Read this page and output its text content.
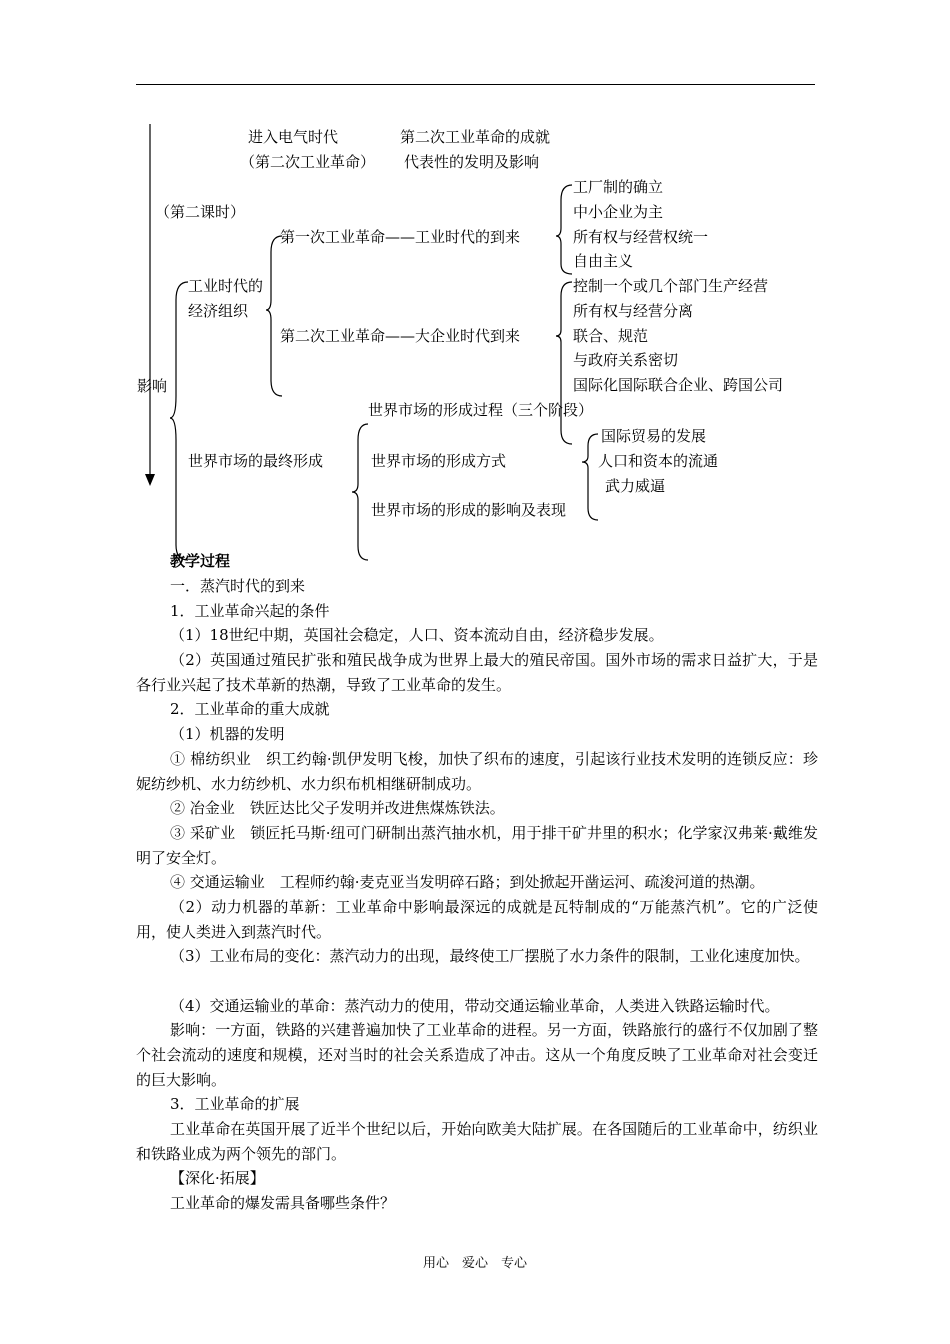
进入电气时代
（第二次工业革命）
第二次工业革命的成就
代表性的发明及影响
（第二课时）
影响
工业时代的
经济组织
第一次工业革命——工业时代的到来
第二次工业革命——大企业时代到来
工厂制的确立
中小企业为主
所有权与经营权统一
自由主义
控制一个或几个部门生产经营
所有权与经营分离
联合、规范
与政府关系密切
国际化国际联合企业、跨国公司
世界市场的最终形成
世界市场的形成过程（三个阶段）
世界市场的形成方式
世界市场的形成的影响及表现
国际贸易的发展
人口和资本的流通
武力威逼
教学过程
一．蒸汽时代的到来
1．工业革命兴起的条件
（1）18世纪中期，英国社会稳定，人口、资本流动自由，经济稳步发展。
（2）英国通过殖民扩张和殖民战争成为世界上最大的殖民帝国。国外市场的需求日益扩大，于是各行业兴起了技术革新的热潮，导致了工业革命的发生。
2．工业革命的重大成就
（1）机器的发明
① 棉纺织业　织工约翰·凯伊发明飞梭，加快了织布的速度，引起该行业技术发明的连锁反应：珍妮纺纱机、水力纺纱机、水力织布机相继研制成功。
② 冶金业　铁匠达比父子发明并改进焦煤炼铁法。
③ 采矿业　锁匠托马斯·纽可门研制出蒸汽抽水机，用于排干矿井里的积水；化学家汉弗莱·戴维发明了安全灯。
④ 交通运输业　工程师约翰·麦克亚当发明碎石路；到处掀起开凿运河、疏浚河道的热潮。
（2）动力机器的革新：工业革命中影响最深远的成就是瓦特制成的“万能蒸汽机”。它的广泛使用，使人类进入到蒸汽时代。
（3）工业布局的变化：蒸汽动力的出现，最终使工厂摆脱了水力条件的限制，工业化速度加快。
（4）交通运输业的革命：蒸汽动力的使用，带动交通运输业革命，人类进入铁路运输时代。
影响：一方面，铁路的兴建普遍加快了工业革命的进程。另一方面，铁路旅行的盛行不仅加剧了整个社会流动的速度和规模，还对当时的社会关系造成了冲击。这从一个角度反映了工业革命对社会变迁的巨大影响。
3．工业革命的扩展
工业革命在英国开展了近半个世纪以后，开始向欧美大陆扩展。在各国随后的工业革命中，纺织业和铁路业成为两个领先的部门。
【深化·拓展】
工业革命的爆发需具备哪些条件？
用心　爱心　专心
